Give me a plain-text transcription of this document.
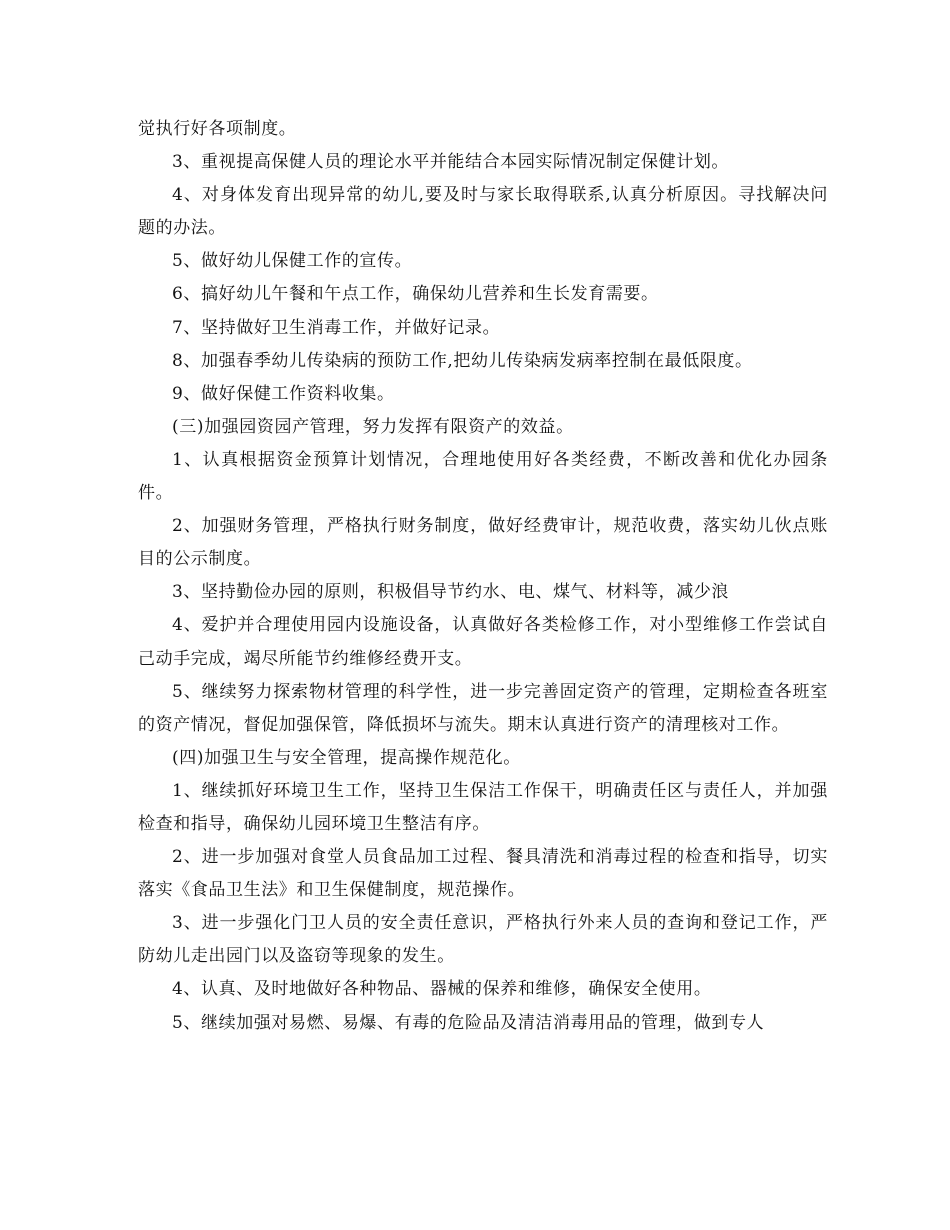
觉执行好各项制度。

3、重视提高保健人员的理论水平并能结合本园实际情况制定保健计划。

4、对身体发育出现异常的幼儿,要及时与家长取得联系,认真分析原因。寻找解决问题的办法。

5、做好幼儿保健工作的宣传。

6、搞好幼儿午餐和午点工作，确保幼儿营养和生长发育需要。

7、坚持做好卫生消毒工作，并做好记录。

8、加强春季幼儿传染病的预防工作,把幼儿传染病发病率控制在最低限度。

9、做好保健工作资料收集。

(三)加强园资园产管理，努力发挥有限资产的效益。

1、认真根据资金预算计划情况，合理地使用好各类经费，不断改善和优化办园条件。

2、加强财务管理，严格执行财务制度，做好经费审计，规范收费，落实幼儿伙点账目的公示制度。

3、坚持勤俭办园的原则，积极倡导节约水、电、煤气、材料等，减少浪

4、爱护并合理使用园内设施设备，认真做好各类检修工作，对小型维修工作尝试自己动手完成，竭尽所能节约维修经费开支。

5、继续努力探索物材管理的科学性，进一步完善固定资产的管理，定期检查各班室的资产情况，督促加强保管，降低损坏与流失。期末认真进行资产的清理核对工作。

(四)加强卫生与安全管理，提高操作规范化。

1、继续抓好环境卫生工作，坚持卫生保洁工作保干，明确责任区与责任人，并加强检查和指导，确保幼儿园环境卫生整洁有序。

2、进一步加强对食堂人员食品加工过程、餐具清洗和消毒过程的检查和指导，切实落实《食品卫生法》和卫生保健制度，规范操作。

3、进一步强化门卫人员的安全责任意识，严格执行外来人员的查询和登记工作，严防幼儿走出园门以及盗窃等现象的发生。

4、认真、及时地做好各种物品、器械的保养和维修，确保安全使用。

5、继续加强对易燃、易爆、有毒的危险品及清洁消毒用品的管理，做到专人
